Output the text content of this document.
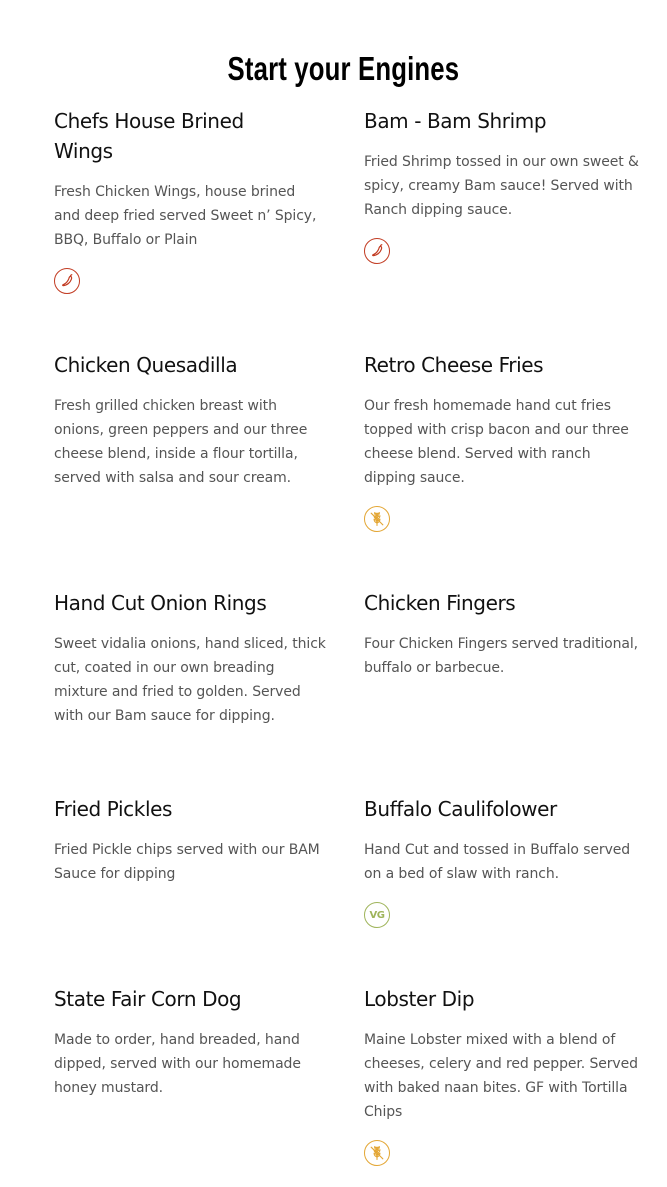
Start your Engines
Chefs House Brined
Wings

Fresh Chicken Wings, house brined and deep fried served Sweet n’ Spicy, BBQ, Buffalo or Plain

Bam - Bam Shrimp

Fried Shrimp tossed in our own sweet & spicy, creamy Bam sauce! Served with Ranch dipping sauce.

Chicken Quesadilla

Fresh grilled chicken breast with onions, green peppers and our three cheese blend, inside a flour tortilla, served with salsa and sour cream.

Retro Cheese Fries

Our fresh homemade hand cut fries topped with crisp bacon and our three cheese blend. Served with ranch dipping sauce.

Hand Cut Onion Rings

Sweet vidalia onions, hand sliced, thick cut, coated in our own breading mixture and fried to golden. Served with our Bam sauce for dipping.

Chicken Fingers

Four Chicken Fingers served traditional, buffalo or barbecue.

Fried Pickles

Fried Pickle chips served with our BAM Sauce for dipping

Buffalo Caulifolower

Hand Cut and tossed in Buffalo served on a bed of slaw with ranch.

VG
State Fair Corn Dog

Made to order, hand breaded, hand dipped, served with our homemade honey mustard.

Lobster Dip

Maine Lobster mixed with a blend of cheeses, celery and red pepper. Served with baked naan bites. GF with Tortilla Chips
